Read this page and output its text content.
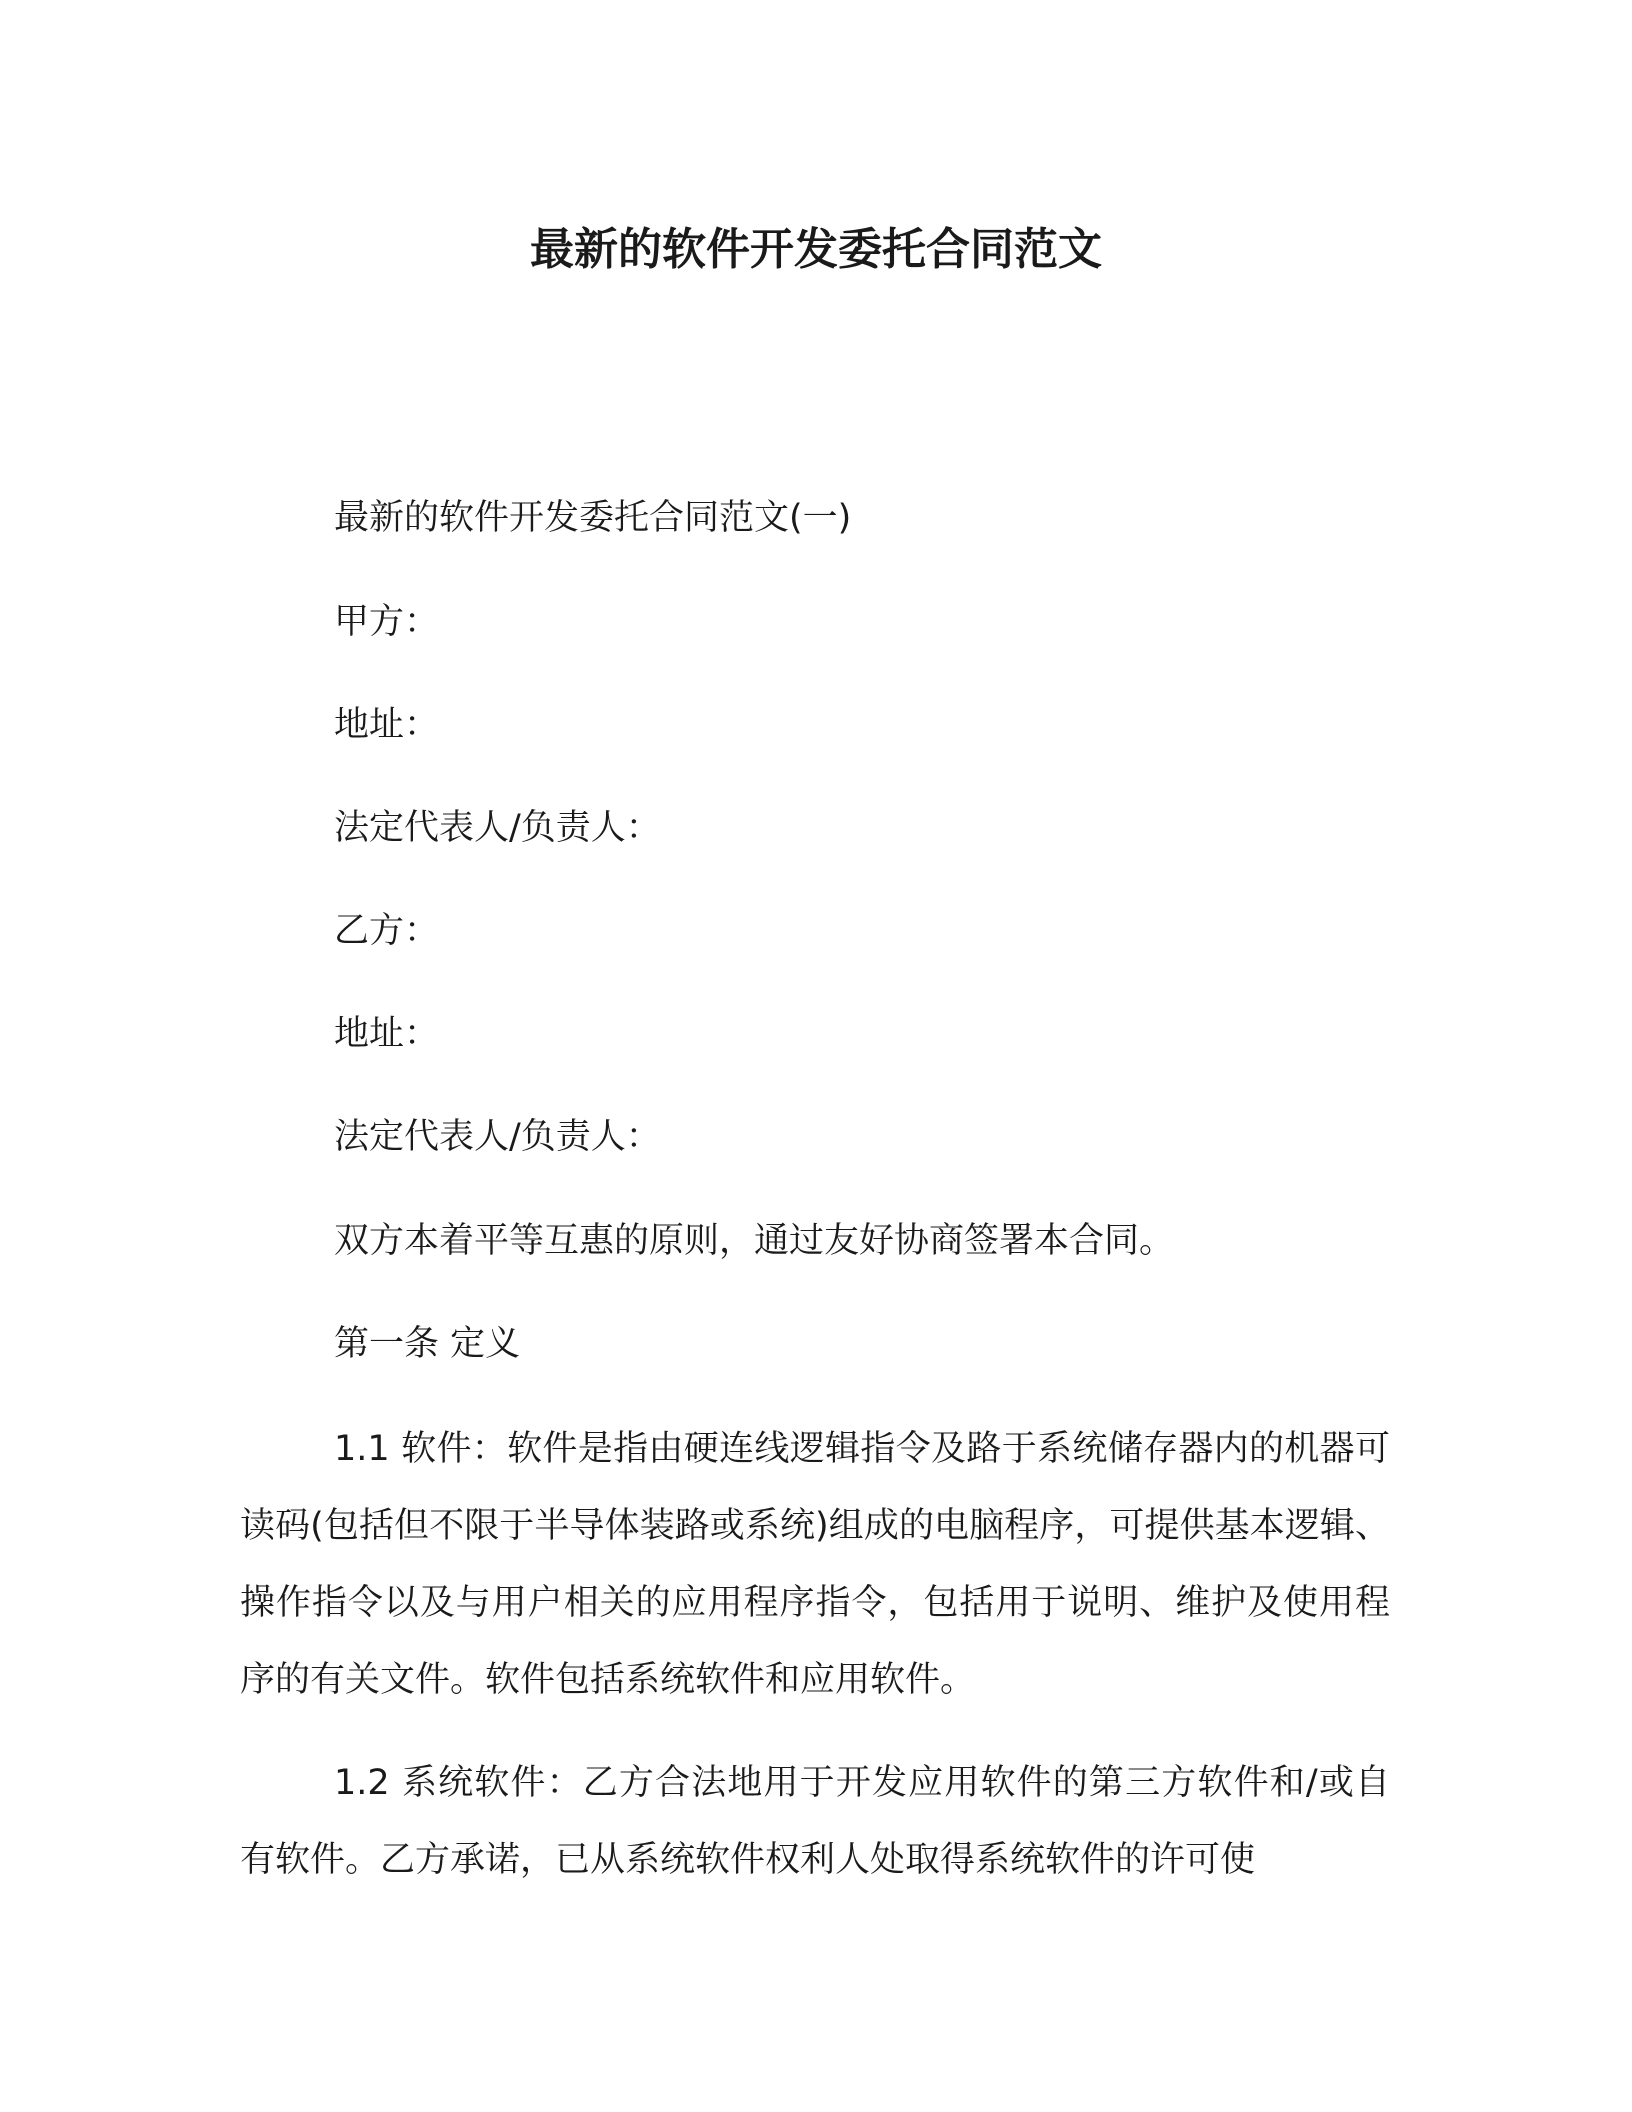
最新的软件开发委托合同范文

最新的软件开发委托合同范文(一)

甲方：

地址：

法定代表人/负责人：

乙方：

地址：

法定代表人/负责人：

双方本着平等互惠的原则，通过友好协商签署本合同。

第一条 定义

1.1 软件：软件是指由硬连线逻辑指令及路于系统储存器内的机器可读码(包括但不限于半导体装路或系统)组成的电脑程序，可提供基本逻辑、操作指令以及与用户相关的应用程序指令，包括用于说明、维护及使用程序的有关文件。软件包括系统软件和应用软件。

1.2 系统软件：乙方合法地用于开发应用软件的第三方软件和/或自有软件。乙方承诺，已从系统软件权利人处取得系统软件的许可使
